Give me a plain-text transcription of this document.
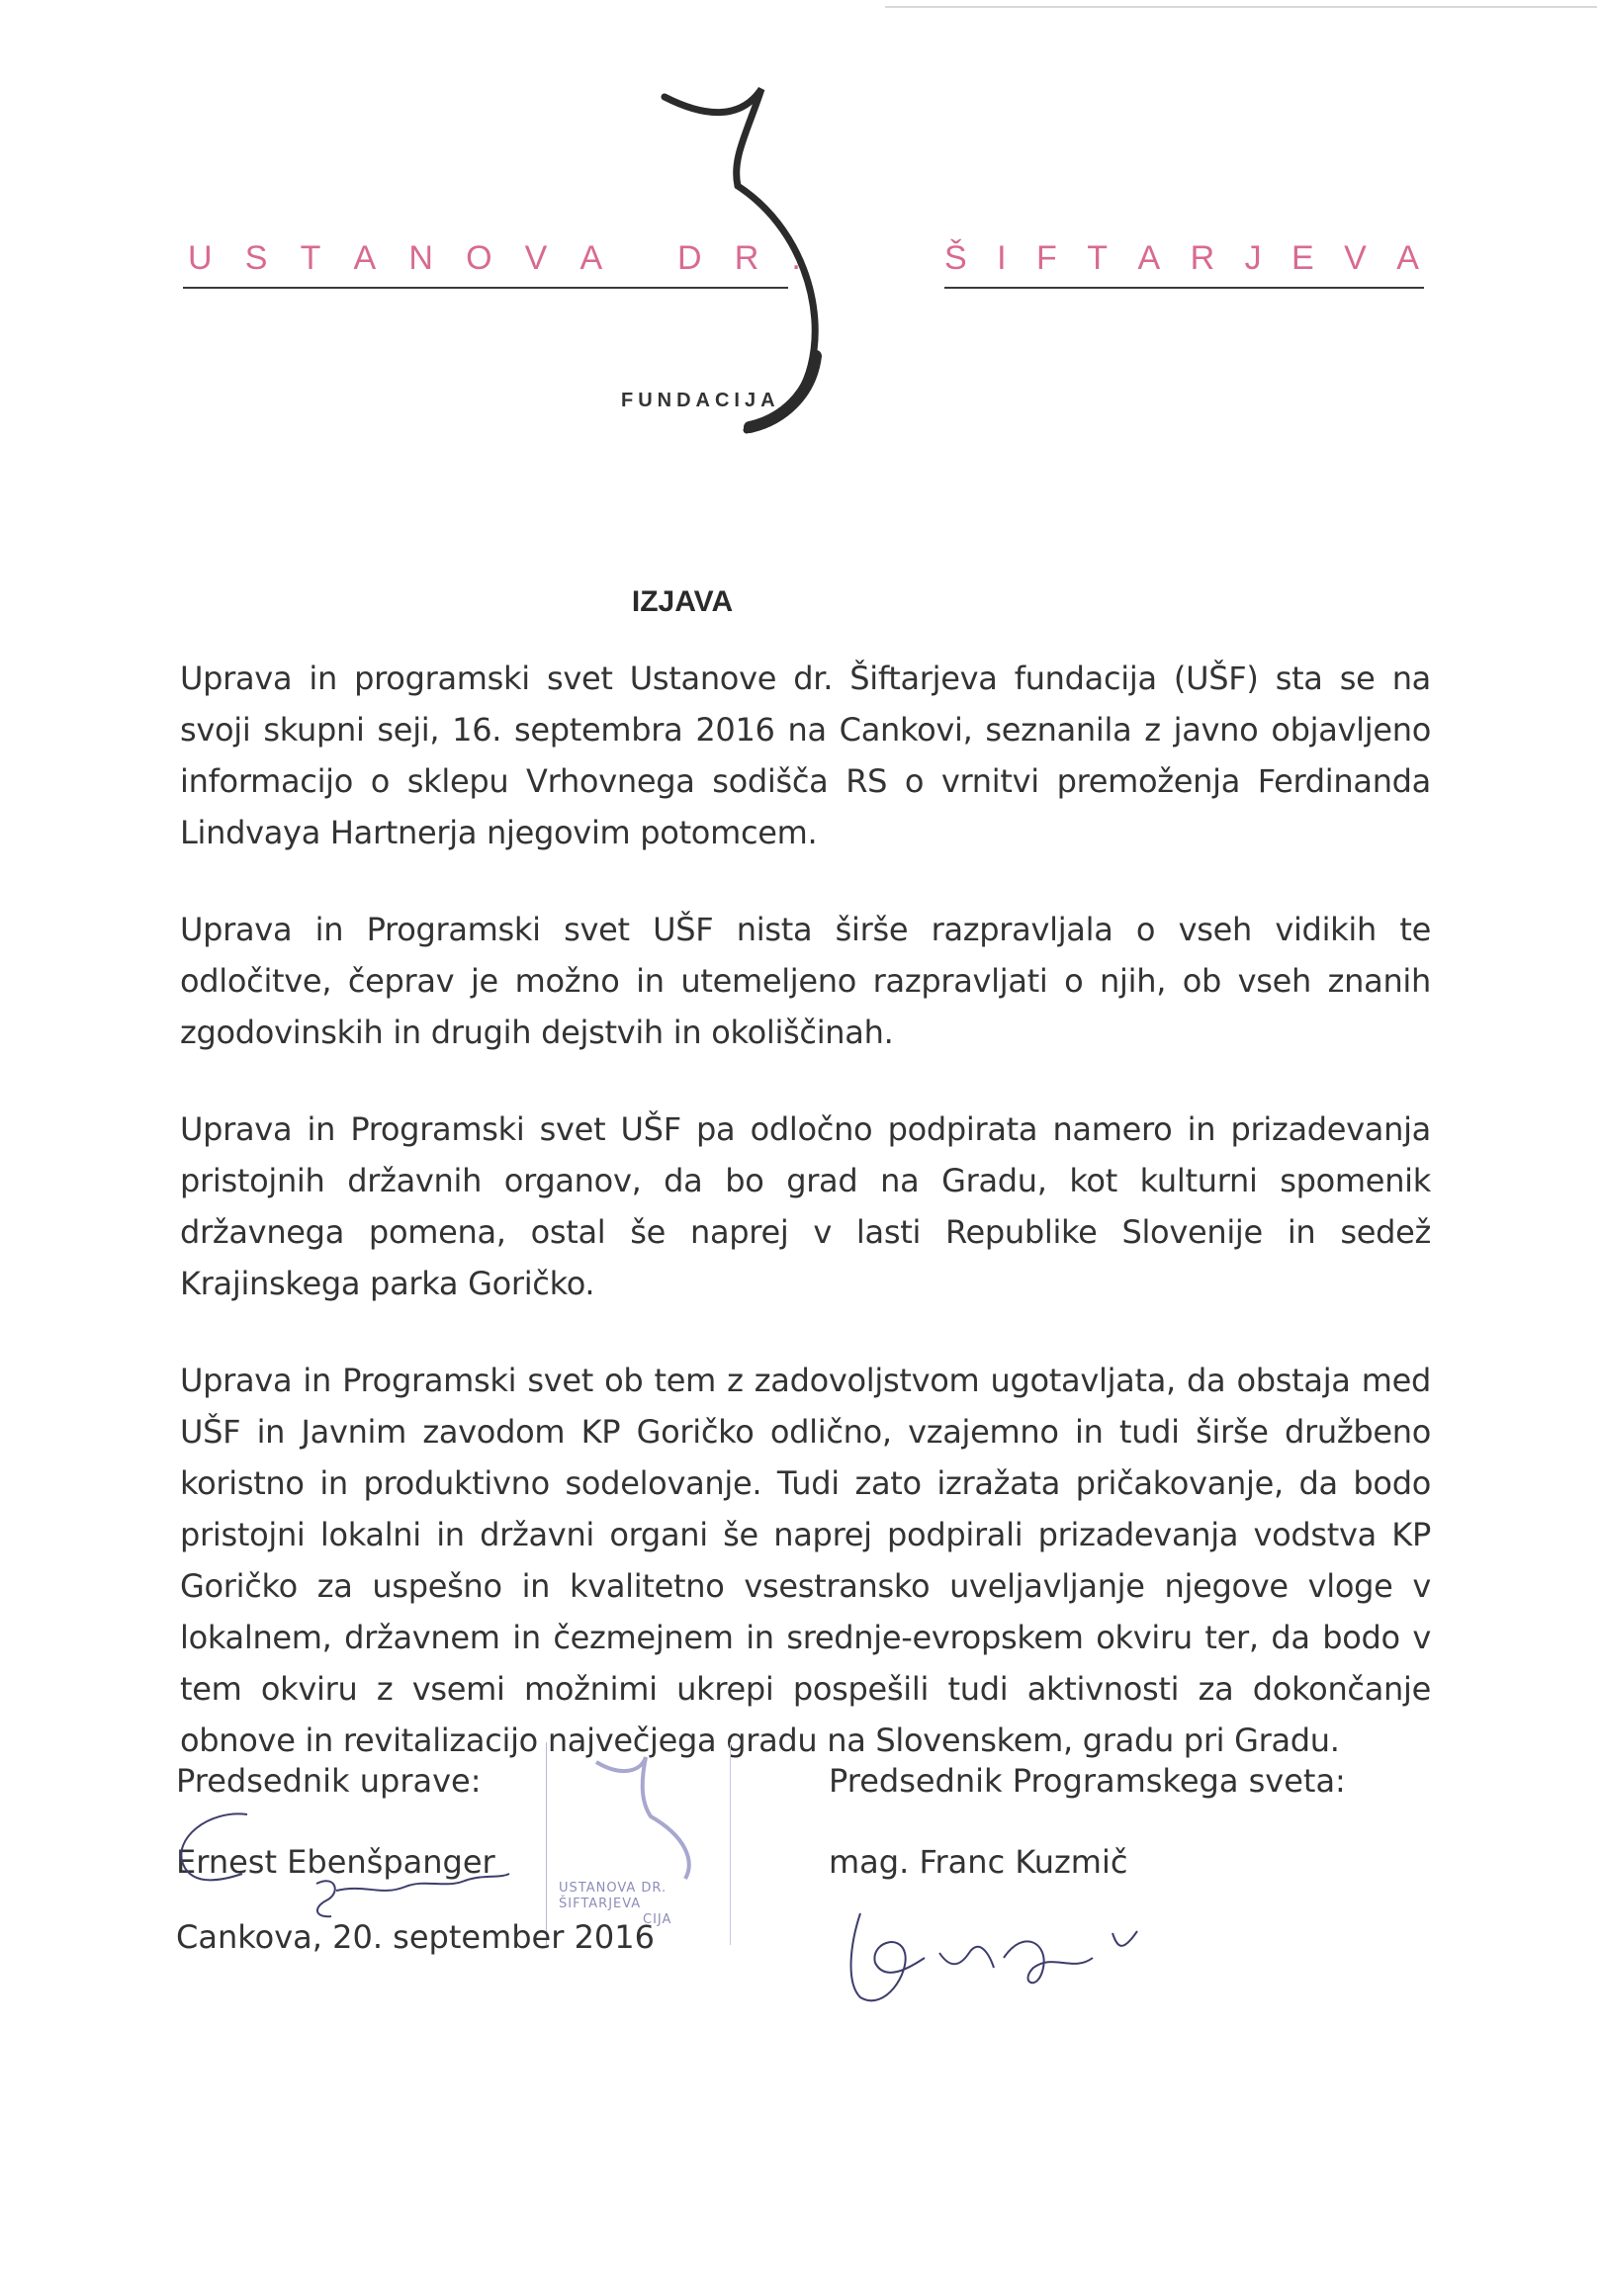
U S T A N O V A
D R .	Š I F T A R J E V A
FUNDACIJA
IZJAVA

Uprava in programski svet Ustanove dr. Šiftarjeva fundacija (UŠF) sta se na svoji skupni seji, 16. septembra 2016 na Cankovi, seznanila z javno objavljeno informacijo o sklepu Vrhovnega sodišča RS o vrnitvi premoženja Ferdinanda Lindvaya Hartnerja njegovim potomcem.

Uprava in Programski svet UŠF nista širše razpravljala o vseh vidikih te odločitve, čeprav je možno in utemeljeno razpravljati o njih, ob vseh znanih zgodovinskih in drugih dejstvih in okoliščinah.

Uprava in Programski svet UŠF pa odločno podpirata namero in prizadevanja pristojnih državnih organov, da bo grad na Gradu, kot kulturni spomenik državnega pomena, ostal še naprej v lasti Republike Slovenije in sedež Krajinskega parka Goričko.

Uprava in Programski svet ob tem z zadovoljstvom ugotavljata, da obstaja med UŠF in Javnim zavodom KP Goričko odlično, vzajemno in tudi širše družbeno koristno in produktivno sodelovanje. Tudi zato izražata pričakovanje, da bodo pristojni lokalni in državni organi še naprej podpirali prizadevanja vodstva KP Goričko za uspešno in kvalitetno vsestransko uveljavljanje njegove vloge v lokalnem, državnem in čezmejnem in srednje-evropskem okviru ter, da bodo v tem okviru z vsemi možnimi ukrepi pospešili tudi aktivnosti za dokončanje obnove in revitalizacijo največjega gradu na Slovenskem, gradu pri Gradu.

USTANOVA DR.
ŠIFTARJEVA
CIJA
Predsednik uprave:
Ernest Ebenšpanger
Cankova, 20. september 2016
Predsednik Programskega sveta:
mag. Franc Kuzmič
